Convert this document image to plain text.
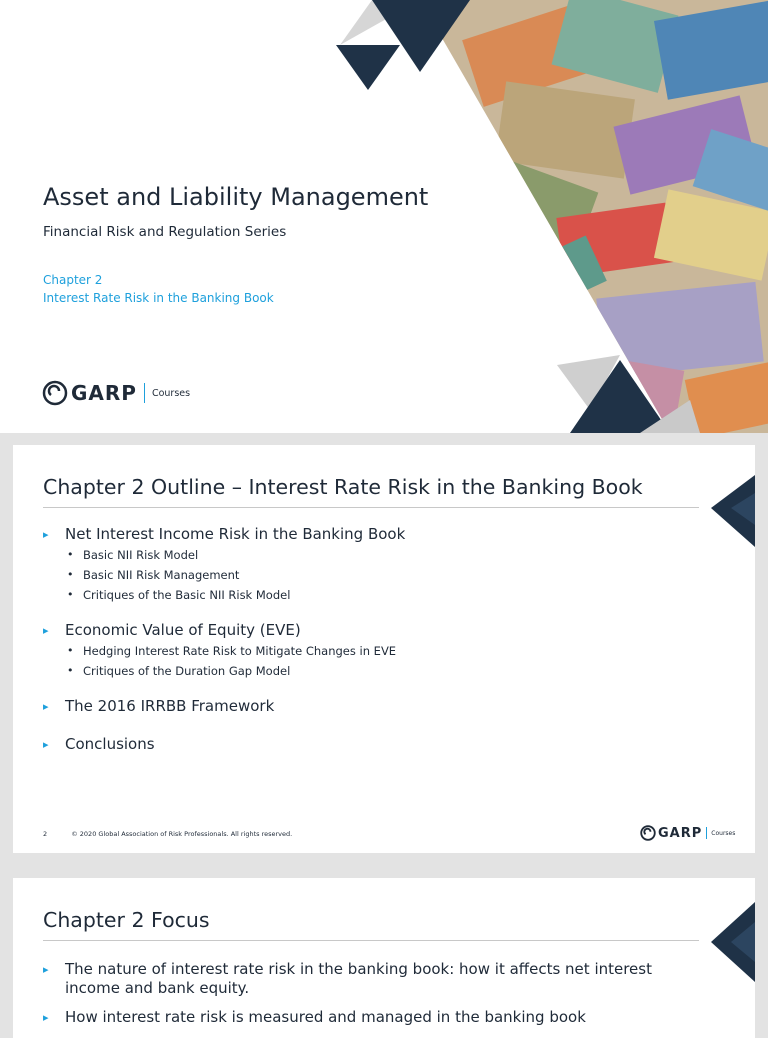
Asset and Liability Management
Financial Risk and Regulation Series
Chapter 2
Interest Rate Risk in the Banking Book
GARP Courses
Chapter 2 Outline – Interest Rate Risk in the Banking Book
▸ Net Interest Income Risk in the Banking Book
• Basic NII Risk Model
• Basic NII Risk Management
• Critiques of the Basic NII Risk Model
▸ Economic Value of Equity (EVE)
• Hedging Interest Rate Risk to Mitigate Changes in EVE
• Critiques of the Duration Gap Model
▸ The 2016 IRRBB Framework
▸ Conclusions
2	© 2020 Global Association of Risk Professionals. All rights reserved.	GARP Courses
Chapter 2 Focus
▸ The nature of interest rate risk in the banking book: how it affects net interest income and bank equity.
▸ How interest rate risk is measured and managed in the banking book
